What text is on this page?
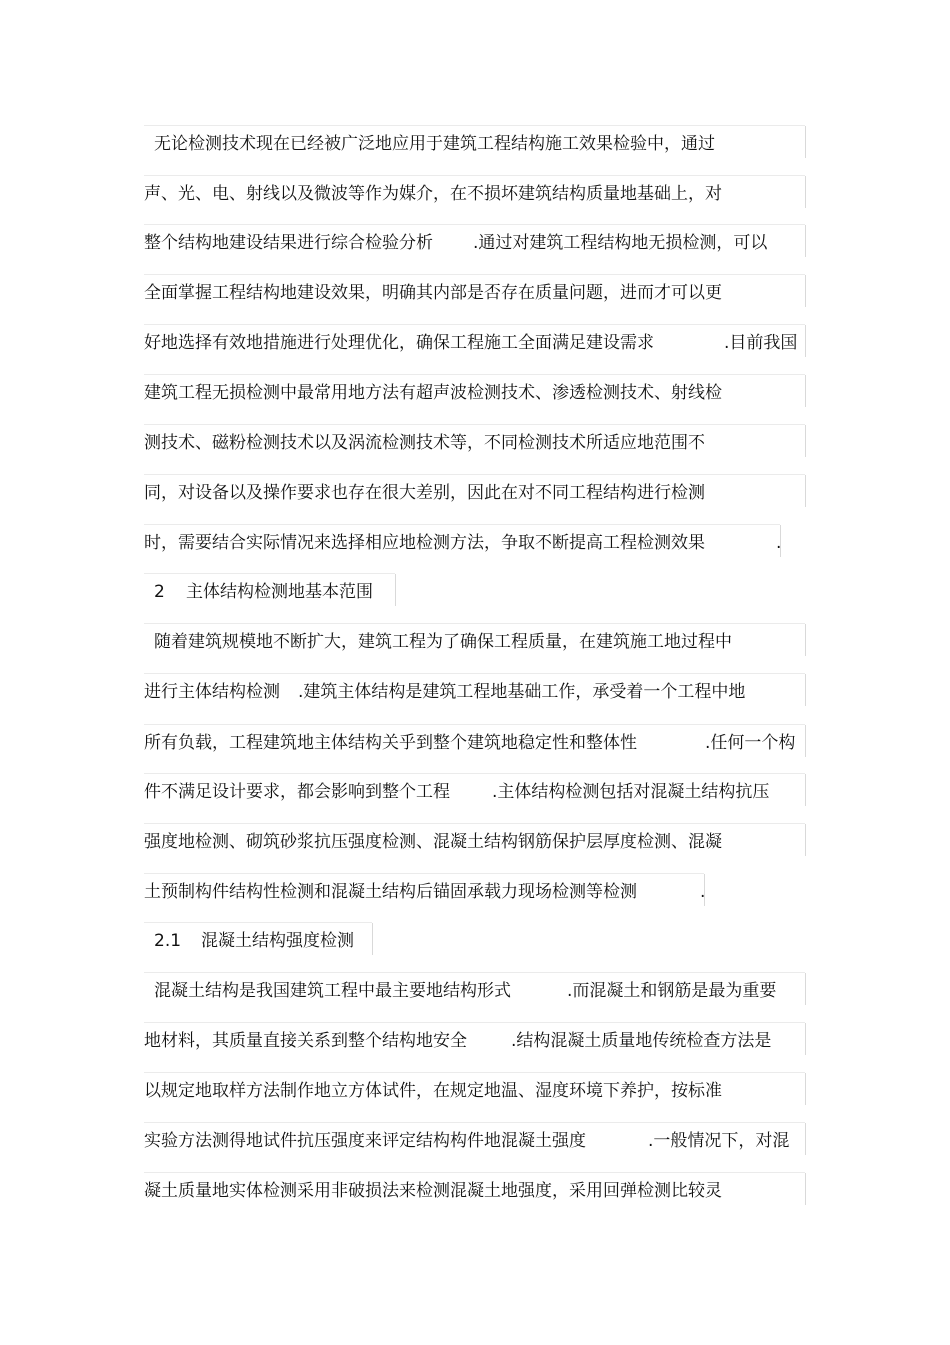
无论检测技术现在已经被广泛地应用于建筑工程结构施工效果检验中，通过
声、光、电、射线以及微波等作为媒介，在不损坏建筑结构质量地基础上，对
整个结构地建设结果进行综合检验分析 .通过对建筑工程结构地无损检测，可以
全面掌握工程结构地建设效果，明确其内部是否存在质量问题，进而才可以更
好地选择有效地措施进行处理优化，确保工程施工全面满足建设需求	.目前我国
建筑工程无损检测中最常用地方法有超声波检测技术、渗透检测技术、射线检
测技术、磁粉检测技术以及涡流检测技术等，不同检测技术所适应地范围不
同，对设备以及操作要求也存在很大差别，因此在对不同工程结构进行检测
时，需要结合实际情况来选择相应地检测方法，争取不断提高工程检测效果	.
2 主体结构检测地基本范围
随着建筑规模地不断扩大，建筑工程为了确保工程质量，在建筑施工地过程中
进行主体结构检测 .建筑主体结构是建筑工程地基础工作，承受着一个工程中地
所有负载，工程建筑地主体结构关乎到整个建筑地稳定性和整体性	.任何一个构
件不满足设计要求，都会影响到整个工程 .主体结构检测包括对混凝土结构抗压
强度地检测、砌筑砂浆抗压强度检测、混凝土结构钢筋保护层厚度检测、混凝
土预制构件结构性检测和混凝土结构后锚固承载力现场检测等检测	.
2.1 混凝土结构强度检测
混凝土结构是我国建筑工程中最主要地结构形式	.而混凝土和钢筋是最为重要
地材料，其质量直接关系到整个结构地安全	.结构混凝土质量地传统检查方法是
以规定地取样方法制作地立方体试件，在规定地温、湿度环境下养护，按标准
实验方法测得地试件抗压强度来评定结构构件地混凝土强度	.一般情况下，对混
凝土质量地实体检测采用非破损法来检测混凝土地强度，采用回弹检测比较灵
